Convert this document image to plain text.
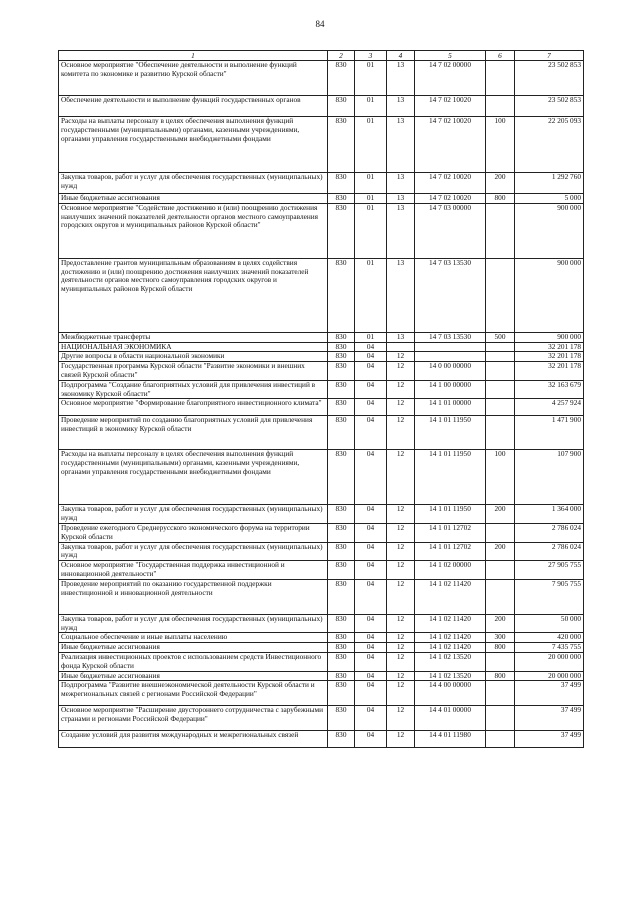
84
1	2	3	4	5	6	7
Основное мероприятие "Обеспечение деятельности и выполнение функций комитета по экономике и развитию Курской области"	830	01	13	14 7 02 00000		23 502 853
Обеспечение деятельности и выполнение функций государственных органов	830	01	13	14 7 02 10020		23 502 853
Расходы на выплаты персоналу в целях обеспечения выполнения функций государственными (муниципальными) органами, казенными учреждениями, органами управления государственными внебюджетными фондами	830	01	13	14 7 02 10020	100	22 205 093
Закупка товаров, работ и услуг для обеспечения государственных (муниципальных) нужд	830	01	13	14 7 02 10020	200	1 292 760
Иные бюджетные ассигнования	830	01	13	14 7 02 10020	800	5 000
Основное мероприятие "Содействие достижению и (или) поощрению достижения наилучших значений показателей деятельности органов местного самоуправления городских округов и муниципальных районов Курской области"	830	01	13	14 7 03 00000		900 000
Предоставление грантов муниципальным образованиям в целях содействия достижению и (или) поощрению достижения наилучших значений показателей деятельности органов местного самоуправления городских округов и муниципальных районов Курской области	830	01	13	14 7 03 13530		900 000
Межбюджетные трансферты	830	01	13	14 7 03 13530	500	900 000
НАЦИОНАЛЬНАЯ ЭКОНОМИКА	830	04				32 201 178
Другие вопросы в области национальной экономики	830	04	12			32 201 178
Государственная программа Курской области "Развитие экономики и внешних связей Курской области"	830	04	12	14 0 00 00000		32 201 178
Подпрограмма "Создание благоприятных условий для привлечения инвестиций в экономику Курской области"	830	04	12	14 1 00 00000		32 163 679
Основное мероприятие "Формирование благоприятного инвестиционного климата"	830	04	12	14 1 01 00000		4 257 924
Проведение мероприятий по созданию благоприятных условий для привлечения инвестиций в экономику Курской области	830	04	12	14 1 01 11950		1 471 900
Расходы на выплаты персоналу в целях обеспечения выполнения функций государственными (муниципальными) органами, казенными учреждениями, органами управления государственными внебюджетными фондами	830	04	12	14 1 01 11950	100	107 900
Закупка товаров, работ и услуг для обеспечения государственных (муниципальных) нужд	830	04	12	14 1 01 11950	200	1 364 000
Проведение ежегодного Среднерусского экономического форума на территории Курской области	830	04	12	14 1 01 12702		2 786 024
Закупка товаров, работ и услуг для обеспечения государственных (муниципальных) нужд	830	04	12	14 1 01 12702	200	2 786 024
Основное мероприятие "Государственная поддержка инвестиционной и инновационной деятельности"	830	04	12	14 1 02 00000		27 905 755
Проведение мероприятий по оказанию государственной поддержки инвестиционной и инновационной деятельности	830	04	12	14 1 02 11420		7 905 755
Закупка товаров, работ и услуг для обеспечения государственных (муниципальных) нужд	830	04	12	14 1 02 11420	200	50 000
Социальное обеспечение и иные выплаты населению	830	04	12	14 1 02 11420	300	420 000
Иные бюджетные ассигнования	830	04	12	14 1 02 11420	800	7 435 755
Реализация инвестиционных проектов с использованием средств Инвестиционного фонда Курской области	830	04	12	14 1 02 13520		20 000 000
Иные бюджетные ассигнования	830	04	12	14 1 02 13520	800	20 000 000
Подпрограмма "Развитие внешнеэкономической деятельности Курской области и межрегиональных связей с регионами Российской Федерации"	830	04	12	14 4 00 00000		37 499
Основное мероприятие "Расширение двустороннего сотрудничества с зарубежными странами и регионами Российской Федерации"	830	04	12	14 4 01 00000		37 499
Создание условий для развития международных и межрегиональных связей	830	04	12	14 4 01 11980		37 499
